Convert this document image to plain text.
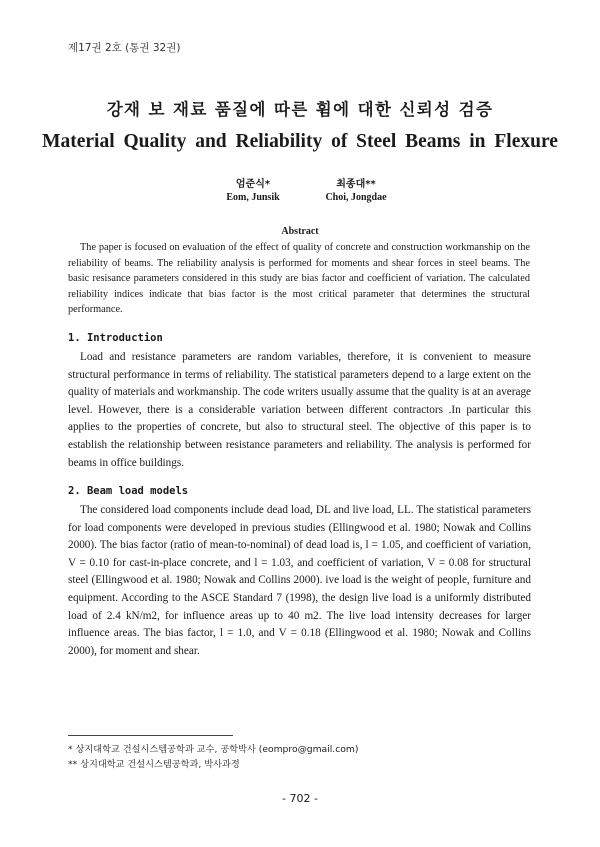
제17권 2호 (통권 32권)
강재 보 재료 품질에 따른 휨에 대한 신뢰성 검증
Material Quality and Reliability of Steel Beams in Flexure
엄준식*
Eom, Junsik
최종대**
Choi, Jongdae
Abstract

The paper is focused on evaluation of the effect of quality of concrete and construction workmanship on the reliability of beams. The reliability analysis is performed for moments and shear forces in steel beams. The basic resisance parameters considered in this study are bias factor and coefficient of variation. The calculated reliability indices indicate that bias factor is the most critical parameter that determines the structural performance.

1. Introduction

Load and resistance parameters are random variables, therefore, it is convenient to measure structural performance in terms of reliability. The statistical parameters depend to a large extent on the quality of materials and workmanship. The code writers usually assume that the quality is at an average level. However, there is a considerable variation between different contractors .In particular this applies to the properties of concrete, but also to structural steel. The objective of this paper is to establish the relationship between resistance parameters and reliability. The analysis is performed for beams in office buildings.

2. Beam load models

The considered load components include dead load, DL and live load, LL. The statistical parameters for load components were developed in previous studies (Ellingwood et al. 1980; Nowak and Collins 2000). The bias factor (ratio of mean-to-nominal) of dead load is, l = 1.05, and coefficient of variation, V = 0.10 for cast-in-place concrete, and l = 1.03, and coefficient of variation, V = 0.08 for structural steel (Ellingwood et al. 1980; Nowak and Collins 2000). ive load is the weight of people, furniture and equipment. According to the ASCE Standard 7 (1998), the design live load is a uniformly distributed load of 2.4 kN/m2, for influence areas up to 40 m2. The live load intensity decreases for larger influence areas. The bias factor, l = 1.0, and V = 0.18 (Ellingwood et al. 1980; Nowak and Collins 2000), for moment and shear.

* 상지대학교 건설시스템공학과 교수, 공학박사 (eompro@gmail.com)
** 상지대학교 건설시스템공학과, 박사과정
- 702 -
